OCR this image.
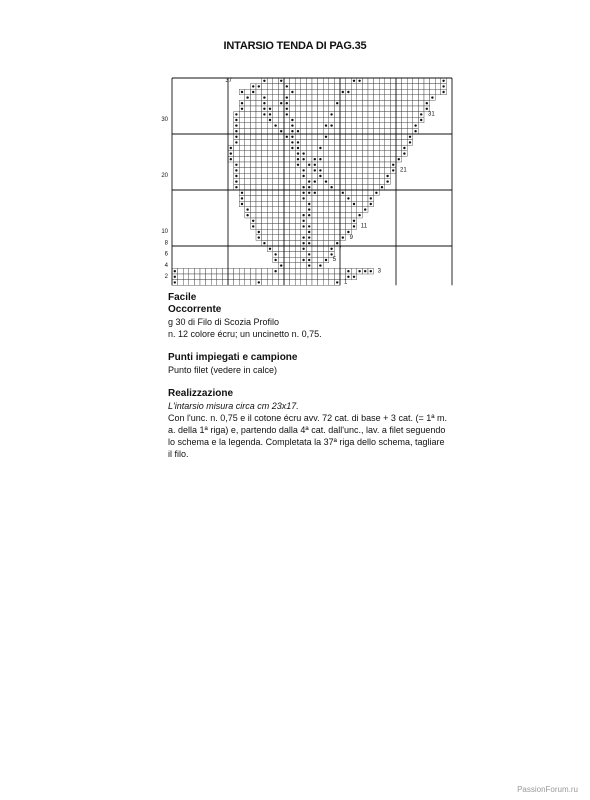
INTARSIO TENDA DI PAG.35
37
30
20
10
8
6
4
2
31
21
11
9
7
5
3
1
Facile
Occorrente
g 30 di Filo di Scozia Profilo
n. 12 colore écru; un uncinetto n. 0,75.
Punti impiegati e campione
Punto filet (vedere in calce)
Realizzazione
L'intarsio misura circa cm 23x17.
Con l'unc. n. 0,75 e il cotone écru avv. 72 cat. di base + 3 cat. (= 1ª m. a. della 1ª riga) e, partendo dalla 4ª cat. dall'unc., lav. a filet seguendo lo schema e la legenda. Completata la 37ª riga dello schema, tagliare il filo.
PassionForum.ru
